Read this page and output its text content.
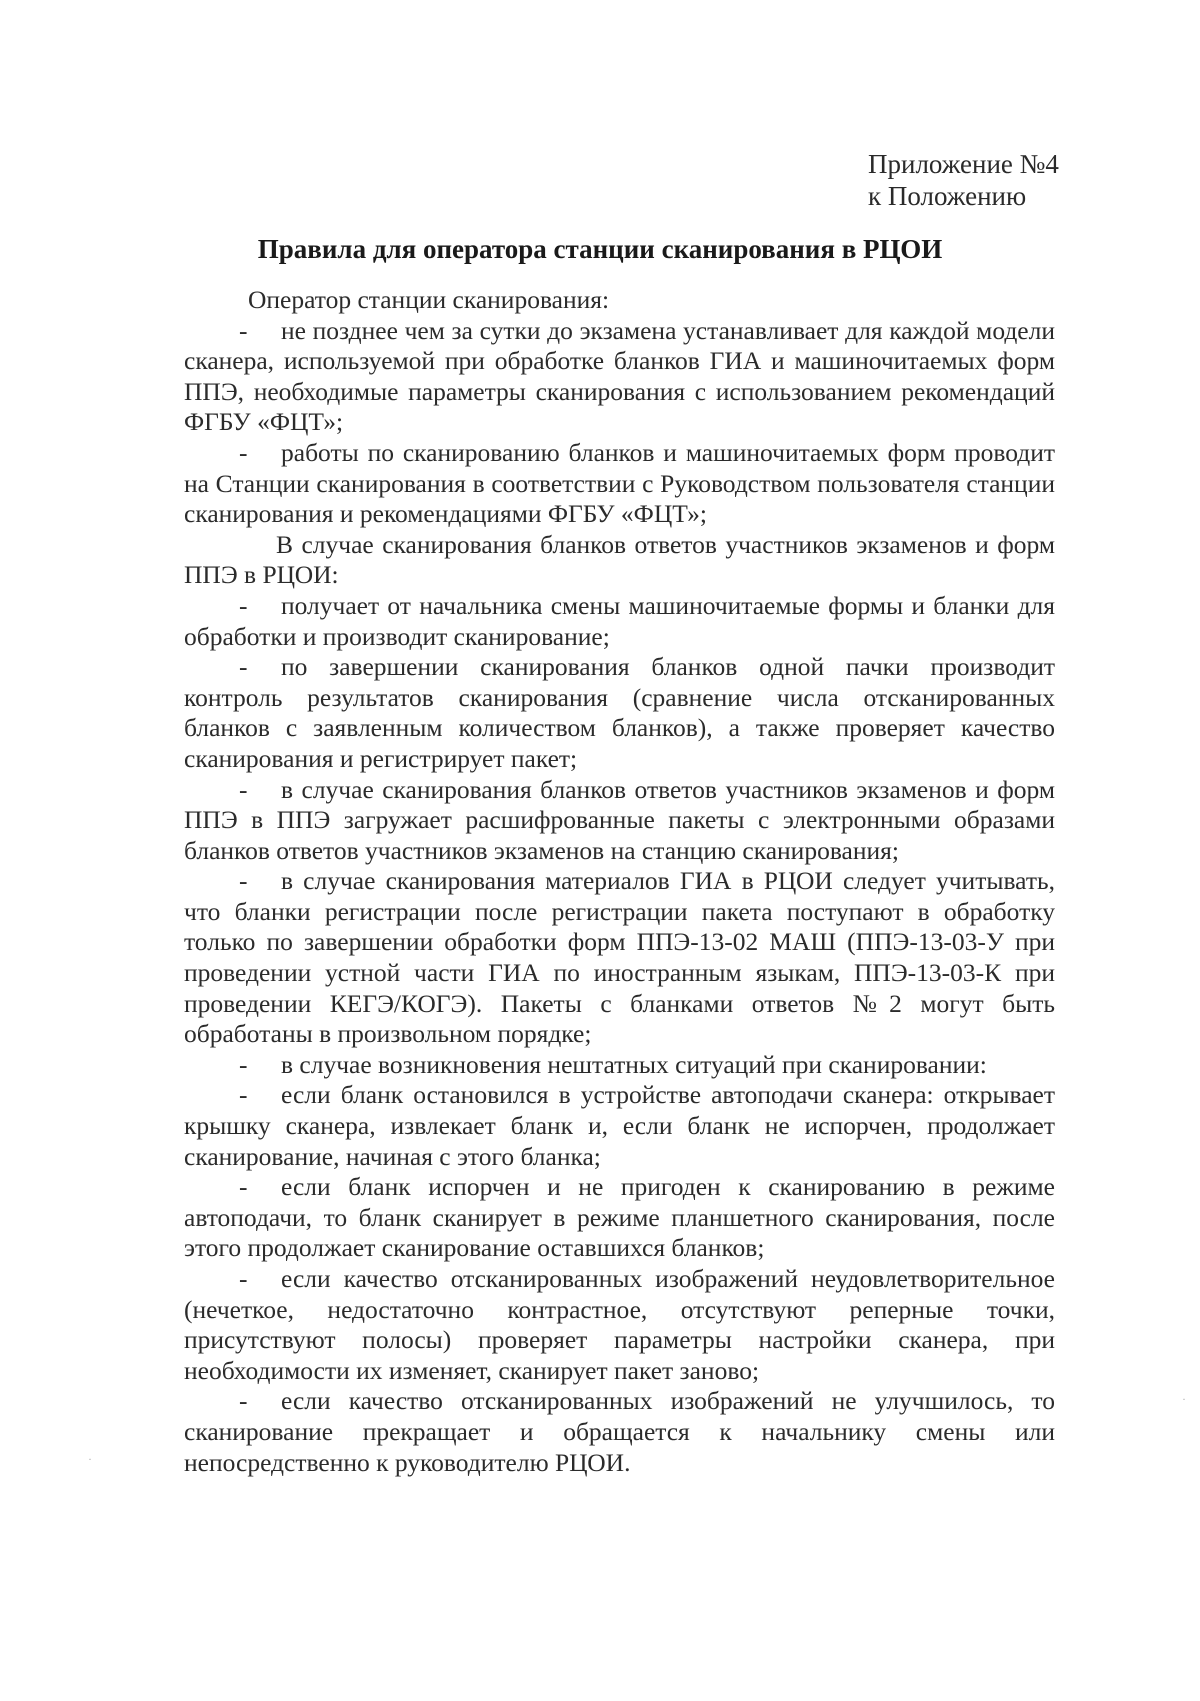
Приложение №4
к Положению
Правила для оператора станции сканирования в РЦОИ

Оператор станции сканирования:

- не позднее чем за сутки до экзамена устанавливает для каждой модели сканера, используемой при обработке бланков ГИА и машиночитаемых форм ППЭ, необходимые параметры сканирования с использованием рекомендаций ФГБУ «ФЦТ»;

- работы по сканированию бланков и машиночитаемых форм проводит на Станции сканирования в соответствии с Руководством пользователя станции сканирования и рекомендациями ФГБУ «ФЦТ»;

В случае сканирования бланков ответов участников экзаменов и форм ППЭ в РЦОИ:

- получает от начальника смены машиночитаемые формы и бланки для обработки и производит сканирование;

- по завершении сканирования бланков одной пачки производит контроль результатов сканирования (сравнение числа отсканированных бланков с заявленным количеством бланков), а также проверяет качество сканирования и регистрирует пакет;

- в случае сканирования бланков ответов участников экзаменов и форм ППЭ в ППЭ загружает расшифрованные пакеты с электронными образами бланков ответов участников экзаменов на станцию сканирования;

- в случае сканирования материалов ГИА в РЦОИ следует учитывать, что бланки регистрации после регистрации пакета поступают в обработку только по завершении обработки форм ППЭ-13-02 МАШ (ППЭ-13-03-У при проведении устной части ГИА по иностранным языкам, ППЭ-13-03-К при проведении КЕГЭ/КОГЭ). Пакеты с бланками ответов №2 могут быть обработаны в произвольном порядке;

- в случае возникновения нештатных ситуаций при сканировании:

- если бланк остановился в устройстве автоподачи сканера: открывает крышку сканера, извлекает бланк и, если бланк не испорчен, продолжает сканирование, начиная с этого бланка;

- если бланк испорчен и не пригоден к сканированию в режиме автоподачи, то бланк сканирует в режиме планшетного сканирования, после этого продолжает сканирование оставшихся бланков;

- если качество отсканированных изображений неудовлетворительное (нечеткое, недостаточно контрастное, отсутствуют реперные точки, присутствуют полосы) проверяет параметры настройки сканера, при необходимости их изменяет, сканирует пакет заново;

- если качество отсканированных изображений не улучшилось, то сканирование прекращает и обращается к начальнику смены или непосредственно к руководителю РЦОИ.

·
·
